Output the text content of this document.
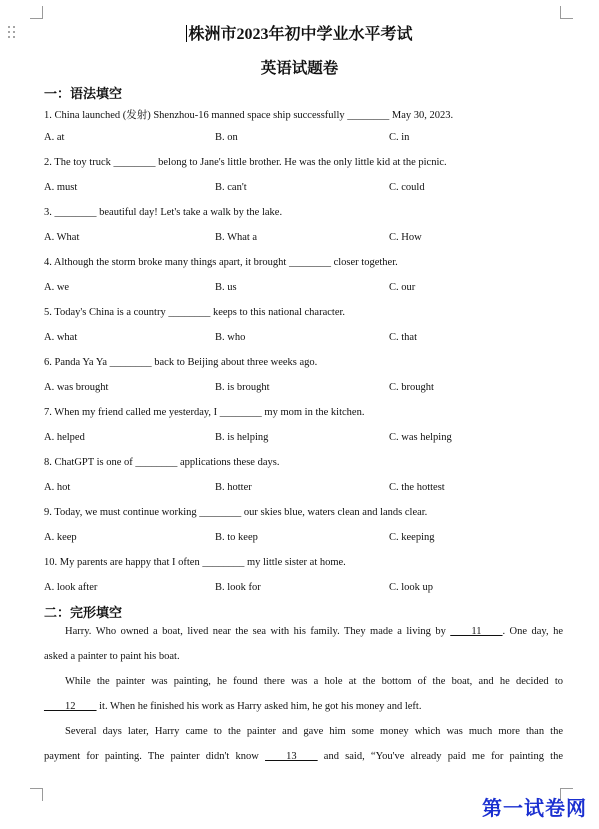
株洲市2023年初中学业水平考试
英语试题卷
一：语法填空
1. China launched (发射) Shenzhou-16 manned space ship successfully ________ May 30, 2023.
A. at	B. on	C. in
2. The toy truck ________ belong to Jane's little brother. He was the only little kid at the picnic.
A. must	B. can't	C. could
3. ________ beautiful day! Let's take a walk by the lake.
A. What	B. What a	C. How
4. Although the storm broke many things apart, it brought ________ closer together.
A. we	B. us	C. our
5. Today's China is a country ________ keeps to this national character.
A. what	B. who	C. that
6. Panda Ya Ya ________ back to Beijing about three weeks ago.
A. was brought	B. is brought	C. brought
7. When my friend called me yesterday, I ________ my mom in the kitchen.
A. helped	B. is helping	C. was helping
8. ChatGPT is one of ________ applications these days.
A. hot	B. hotter	C. the hottest
9. Today, we must continue working ________ our skies blue, waters clean and lands clear.
A. keep	B. to keep	C. keeping
10. My parents are happy that I often ________ my little sister at home.
A. look after	B. look for	C. look up
二：完形填空
Harry. Who owned a boat, lived near the sea with his family. They made a living by ____11____. One day, he
asked a painter to paint his boat.
While the painter was painting, he found there was a hole at the bottom of the boat, and he decided to
____12____ it. When he finished his work as Harry asked him, he got his money and left.
Several days later, Harry came to the painter and gave him some money which was much more than the
payment for painting. The painter didn't know ____13____ and said, “You've already paid me for painting the
第一试卷网
